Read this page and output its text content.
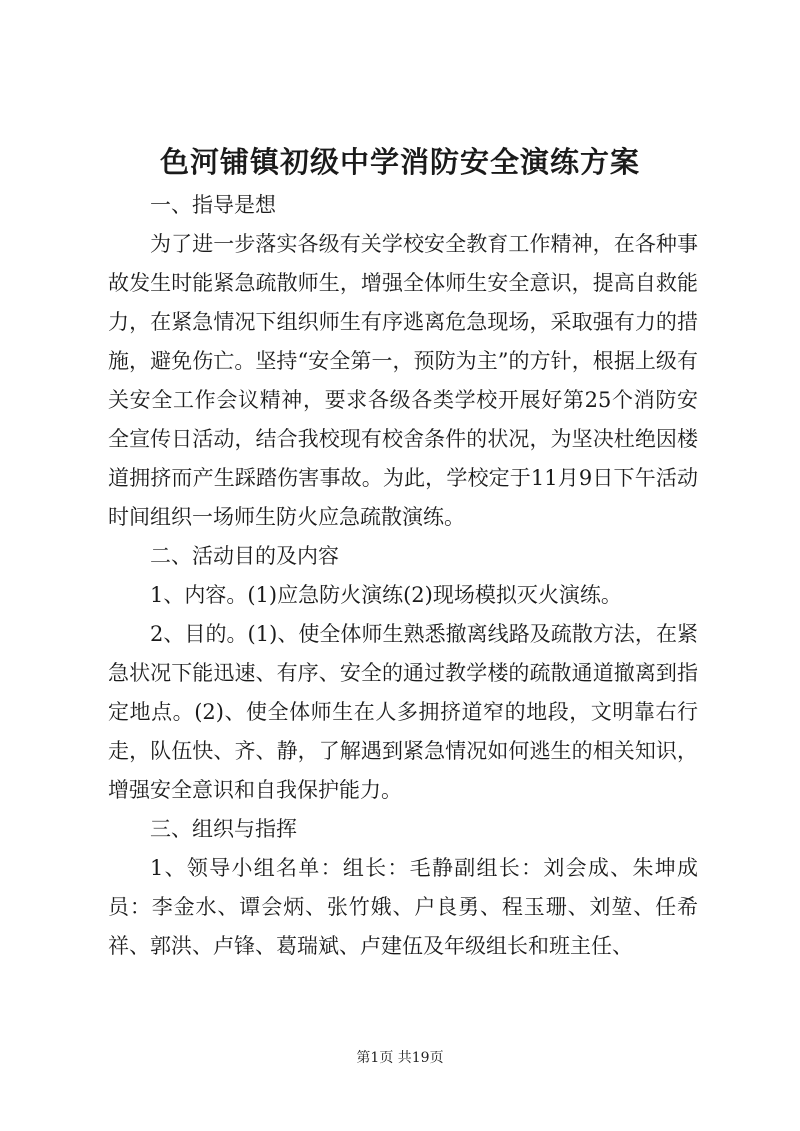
色河铺镇初级中学消防安全演练方案

一、指导是想

为了进一步落实各级有关学校安全教育工作精神，在各种事故发生时能紧急疏散师生，增强全体师生安全意识，提高自救能力，在紧急情况下组织师生有序逃离危急现场，采取强有力的措施，避免伤亡。坚持“安全第一，预防为主”的方针，根据上级有关安全工作会议精神，要求各级各类学校开展好第25个消防安全宣传日活动，结合我校现有校舍条件的状况，为坚决杜绝因楼道拥挤而产生踩踏伤害事故。为此，学校定于11月9日下午活动时间组织一场师生防火应急疏散演练。

二、活动目的及内容

1、内容。(1)应急防火演练(2)现场模拟灭火演练。

2、目的。(1)、使全体师生熟悉撤离线路及疏散方法，在紧急状况下能迅速、有序、安全的通过教学楼的疏散通道撤离到指定地点。(2)、使全体师生在人多拥挤道窄的地段，文明靠右行走，队伍快、齐、静，了解遇到紧急情况如何逃生的相关知识，增强安全意识和自我保护能力。

三、组织与指挥

1、领导小组名单：组长：毛静副组长：刘会成、朱坤成员：李金水、谭会炳、张竹娥、户良勇、程玉珊、刘堃、任希祥、郭洪、卢锋、葛瑞斌、卢建伍及年级组长和班主任、

第1页 共19页
